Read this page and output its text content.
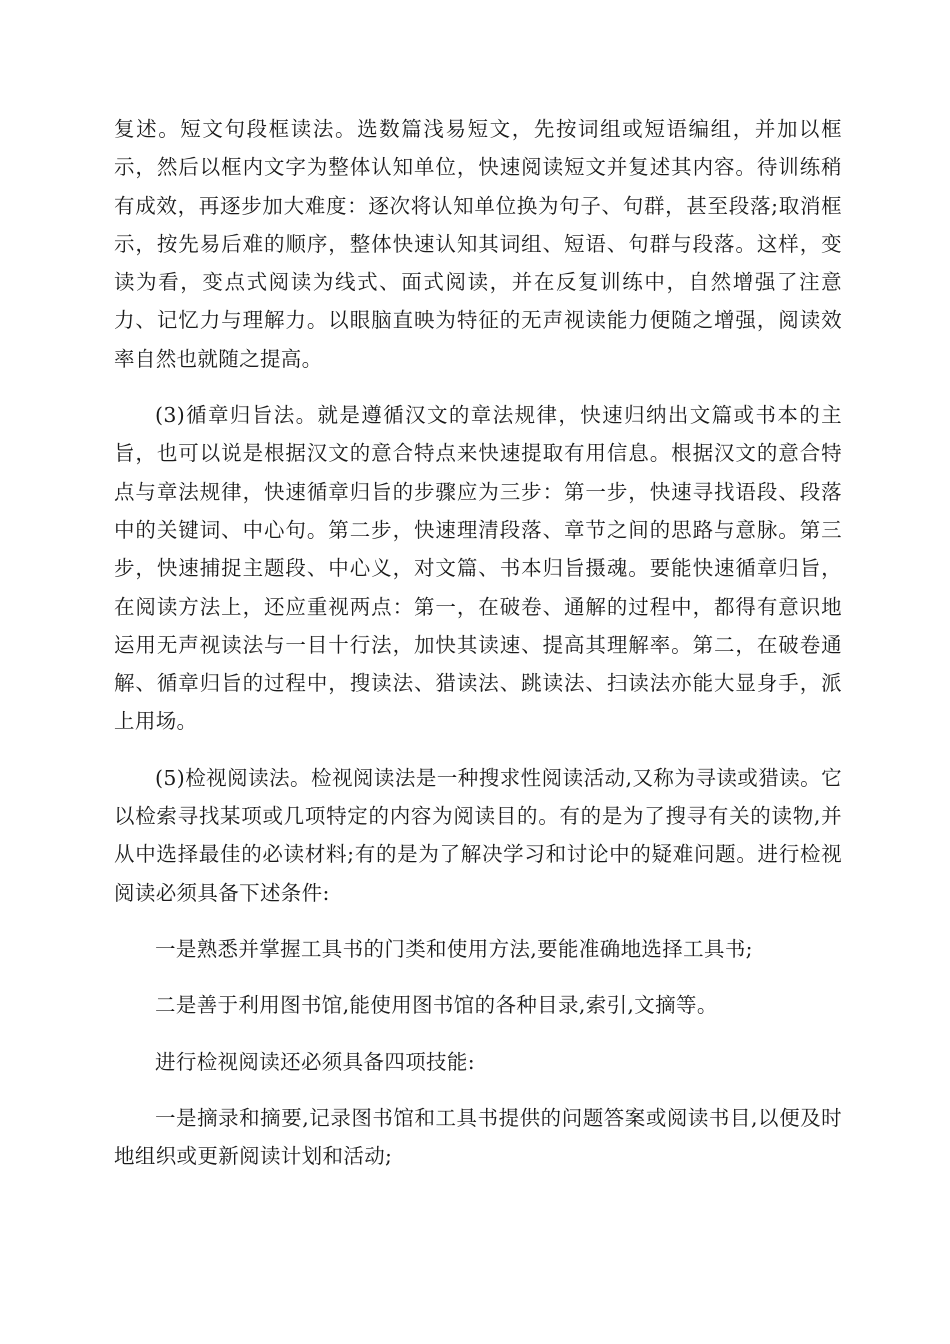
复述。短文句段框读法。选数篇浅易短文，先按词组或短语编组，并加以框示，然后以框内文字为整体认知单位，快速阅读短文并复述其内容。待训练稍有成效，再逐步加大难度：逐次将认知单位换为句子、句群，甚至段落;取消框示，按先易后难的顺序，整体快速认知其词组、短语、句群与段落。这样，变读为看，变点式阅读为线式、面式阅读，并在反复训练中，自然增强了注意力、记忆力与理解力。以眼脑直映为特征的无声视读能力便随之增强，阅读效率自然也就随之提高。

(3)循章归旨法。就是遵循汉文的章法规律，快速归纳出文篇或书本的主旨，也可以说是根据汉文的意合特点来快速提取有用信息。根据汉文的意合特点与章法规律，快速循章归旨的步骤应为三步：第一步，快速寻找语段、段落中的关键词、中心句。第二步，快速理清段落、章节之间的思路与意脉。第三步，快速捕捉主题段、中心义，对文篇、书本归旨摄魂。要能快速循章归旨，在阅读方法上，还应重视两点：第一，在破卷、通解的过程中，都得有意识地运用无声视读法与一目十行法，加快其读速、提高其理解率。第二，在破卷通解、循章归旨的过程中，搜读法、猎读法、跳读法、扫读法亦能大显身手，派上用场。

(5)检视阅读法。检视阅读法是一种搜求性阅读活动,又称为寻读或猎读。它以检索寻找某项或几项特定的内容为阅读目的。有的是为了搜寻有关的读物,并从中选择最佳的必读材料;有的是为了解决学习和讨论中的疑难问题。进行检视阅读必须具备下述条件:

一是熟悉并掌握工具书的门类和使用方法,要能准确地选择工具书;

二是善于利用图书馆,能使用图书馆的各种目录,索引,文摘等。

进行检视阅读还必须具备四项技能:

一是摘录和摘要,记录图书馆和工具书提供的问题答案或阅读书目,以便及时地组织或更新阅读计划和活动;
